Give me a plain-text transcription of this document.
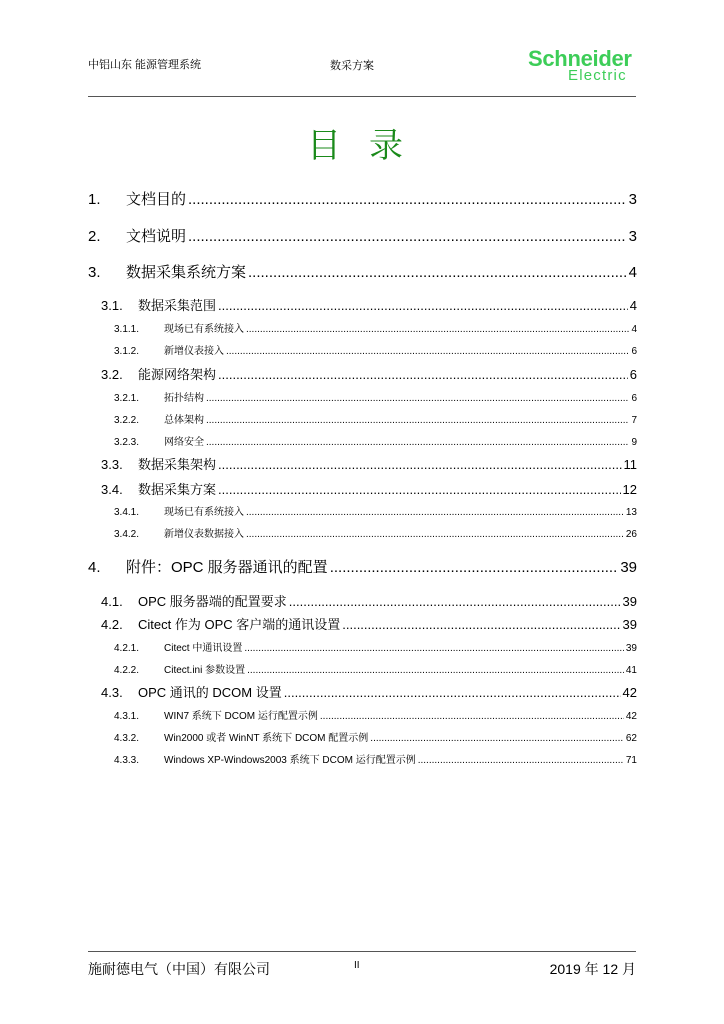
中铝山东 能源管理系统	数采方案	Schneider
Electric
目录
1.	文档目的 .....	3
2.	文档说明 .....	3
3.	数据采集系统方案 .....	4
3.1.	数据采集范围 .....	4
3.1.1.	现场已有系统接入 .....	4
3.1.2.	新增仪表接入 .....	6
3.2.	能源网络架构 .....	6
3.2.1.	拓扑结构 .....	6
3.2.2.	总体架构 .....	7
3.2.3.	网络安全 .....	9
3.3.	数据采集架构 .....	11
3.4.	数据采集方案 .....	12
3.4.1.	现场已有系统接入 .....	13
3.4.2.	新增仪表数据接入 .....	26
4.	附件：OPC 服务器通讯的配置 .....	39
4.1.	OPC 服务器端的配置要求 .....	39
4.2.	Citect 作为 OPC 客户端的通讯设置 .....	39
4.2.1.	Citect 中通讯设置 .....	39
4.2.2.	Citect.ini 参数设置 .....	41
4.3.	OPC 通讯的 DCOM 设置 .....	42
4.3.1.	WIN7 系统下 DCOM 运行配置示例 .....	42
4.3.2.	Win2000 或者 WinNT 系统下 DCOM 配置示例 .....	62
4.3.3.	Windows XP-Windows2003 系统下 DCOM 运行配置示例 .....	71
施耐德电气（中国）有限公司	II	2019 年 12 月
